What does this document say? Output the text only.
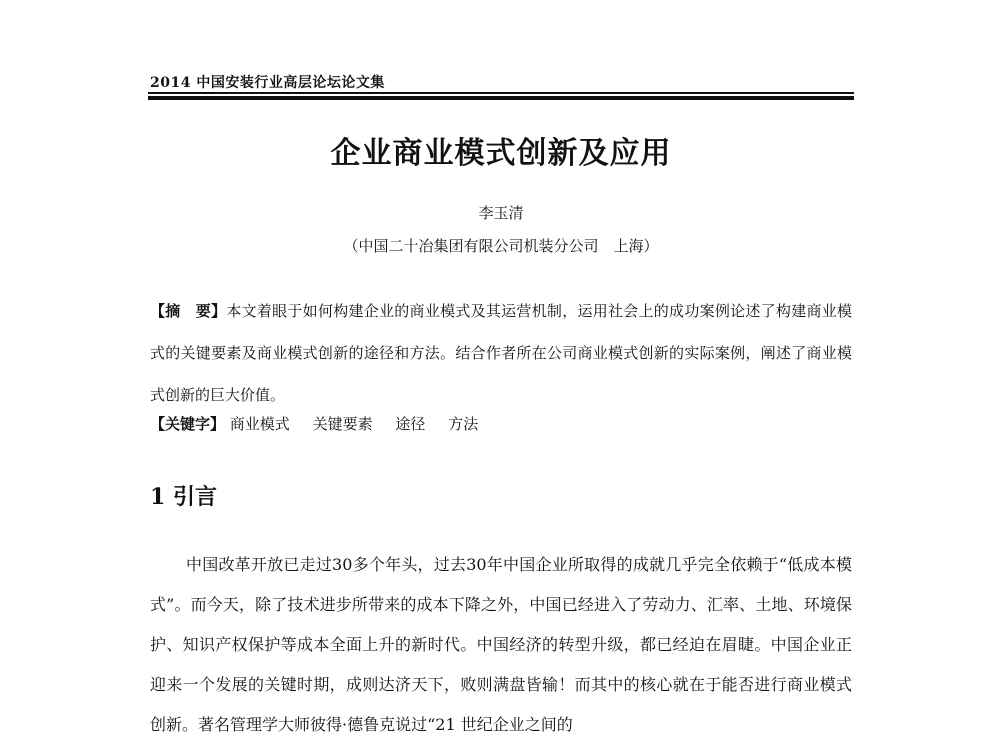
2014 中国安装行业高层论坛论文集
企业商业模式创新及应用
李玉清
（中国二十冶集团有限公司机装分公司　上海）
【摘　要】本文着眼于如何构建企业的商业模式及其运营机制，运用社会上的成功案例论述了构建商业模式的关键要素及商业模式创新的途径和方法。结合作者所在公司商业模式创新的实际案例，阐述了商业模式创新的巨大价值。
【关键字】 商业模式 关键要素 途径 方法
1 引言
中国改革开放已走过30多个年头，过去30年中国企业所取得的成就几乎完全依赖于“低成本模式”。而今天，除了技术进步所带来的成本下降之外，中国已经进入了劳动力、汇率、土地、环境保护、知识产权保护等成本全面上升的新时代。中国经济的转型升级，都已经迫在眉睫。中国企业正迎来一个发展的关键时期，成则达济天下，败则满盘皆输！而其中的核心就在于能否进行商业模式创新。著名管理学大师彼得·德鲁克说过“21 世纪企业之间的
